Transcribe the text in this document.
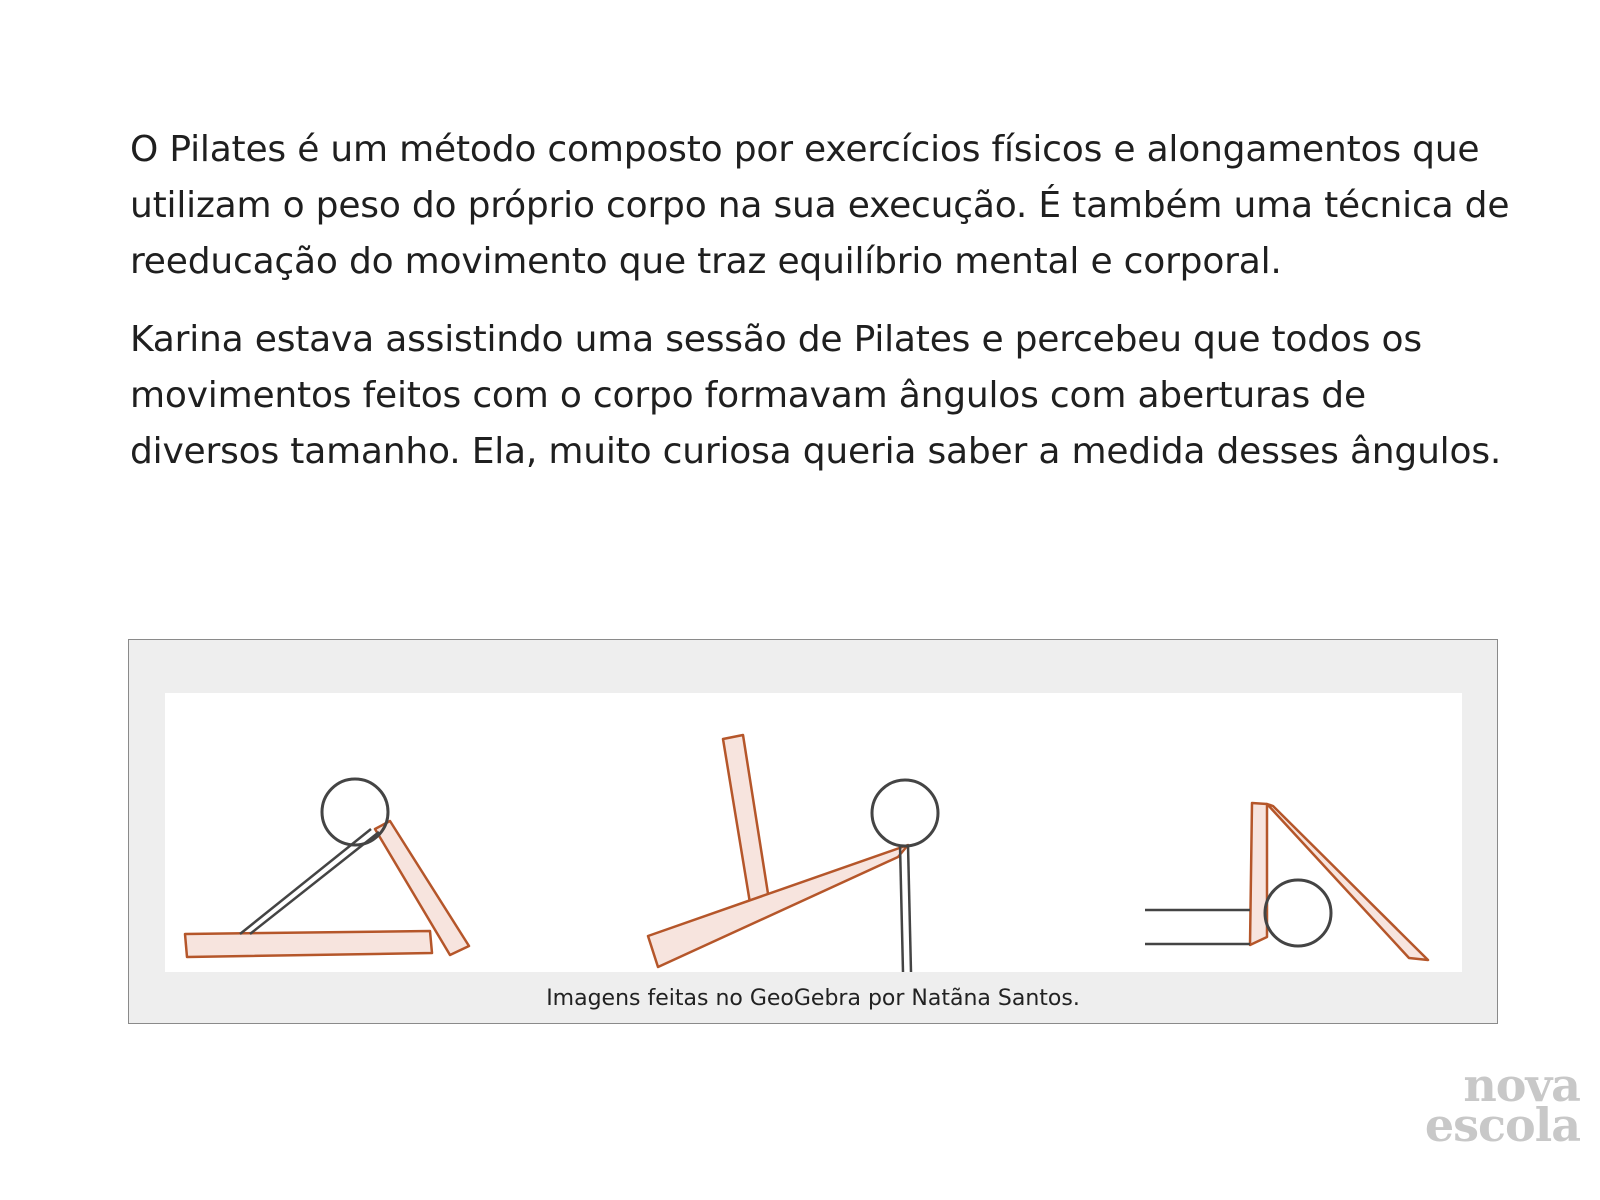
O Pilates é um método composto por exercícios físicos e alongamentos que utilizam o peso do próprio corpo na sua execução. É também uma técnica de reeducação do movimento que traz equilíbrio mental e corporal.

Karina estava assistindo uma sessão de Pilates e percebeu que todos os movimentos feitos com o corpo formavam ângulos com aberturas de diversos tamanho. Ela, muito curiosa queria saber a medida desses ângulos.

Imagens feitas no GeoGebra por Natãna Santos.
nova
escola
